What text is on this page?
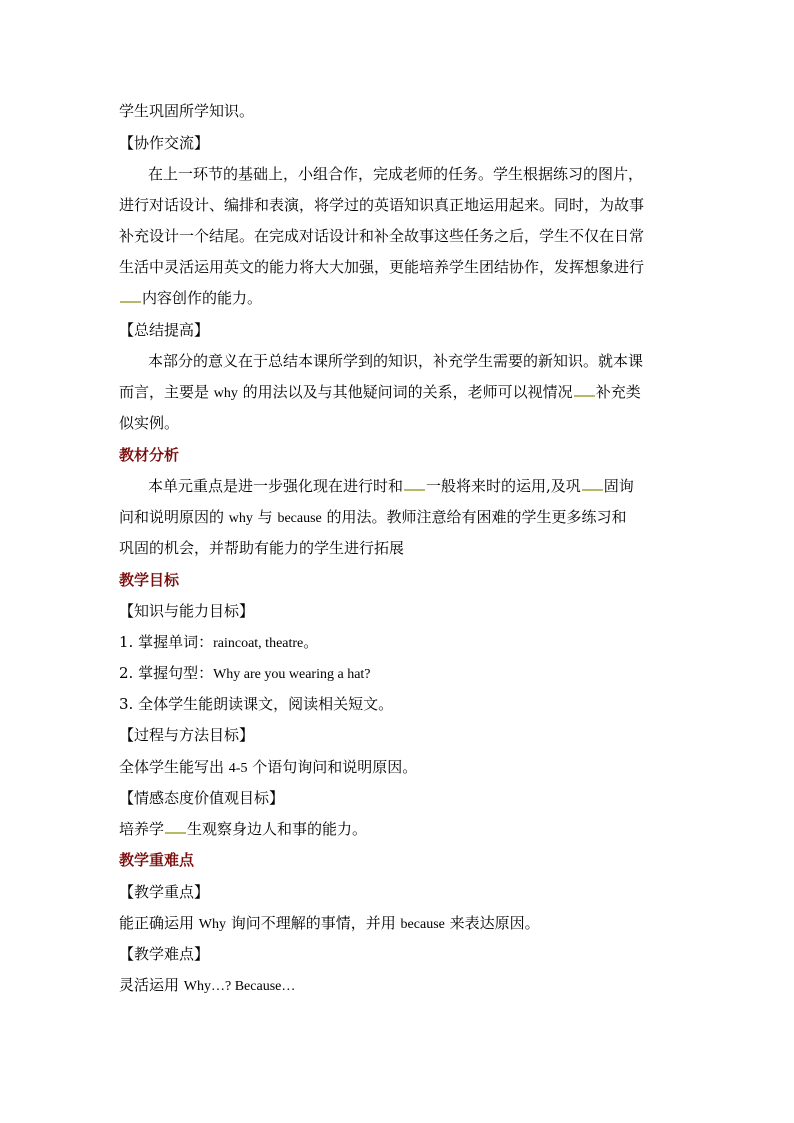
学生巩固所学知识。
【协作交流】
在上一环节的基础上，小组合作，完成老师的任务。学生根据练习的图片，
进行对话设计、编排和表演，将学过的英语知识真正地运用起来。同时，为故事
补充设计一个结尾。在完成对话设计和补全故事这些任务之后，学生不仅在日常
生活中灵活运用英文的能力将大大加强，更能培养学生团结协作，发挥想象进行
内容创作的能力。
【总结提高】
本部分的意义在于总结本课所学到的知识，补充学生需要的新知识。就本课
而言，主要是 why 的用法以及与其他疑问词的关系，老师可以视情况 补充类
似实例。
教材分析
本单元重点是进一步强化现在进行时和 一般将来时的运用,及巩 固询
问和说明原因的 why 与 because 的用法。教师注意给有困难的学生更多练习和
巩固的机会，并帮助有能力的学生进行拓展
教学目标
【知识与能力目标】
1. 掌握单词：raincoat, theatre。
2. 掌握句型：Why are you wearing a hat?
3. 全体学生能朗读课文，阅读相关短文。
【过程与方法目标】
全体学生能写出 4-5 个语句询问和说明原因。
【情感态度价值观目标】
培养学 生观察身边人和事的能力。
教学重难点
【教学重点】
能正确运用 Why 询问不理解的事情，并用 because 来表达原因。
【教学难点】
灵活运用 Why…? Because…
